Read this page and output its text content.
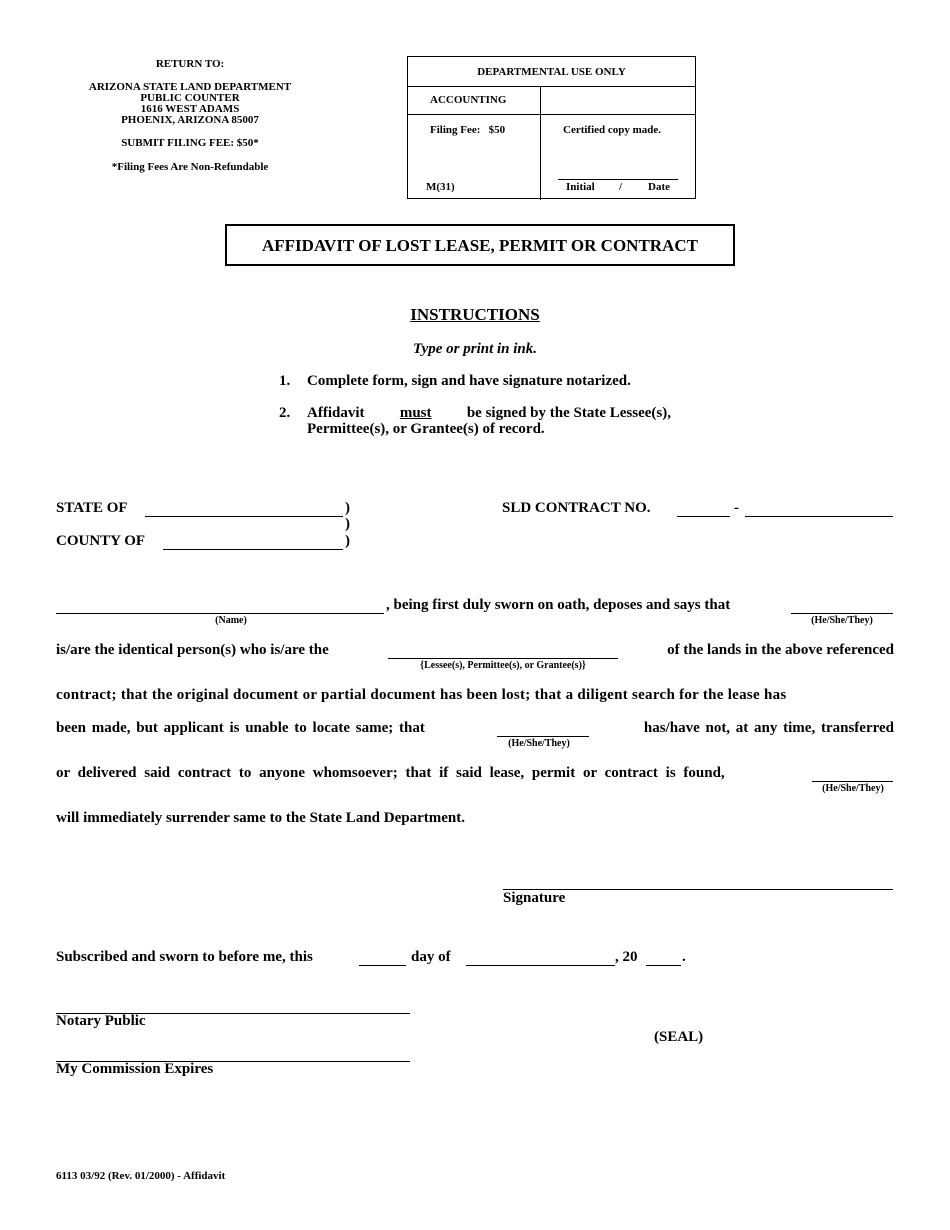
RETURN TO:
ARIZONA STATE LAND DEPARTMENT
PUBLIC COUNTER
1616 WEST ADAMS
PHOENIX, ARIZONA 85007
SUBMIT FILING FEE: $50*
*Filing Fees Are Non-Refundable
DEPARTMENTAL USE ONLY
ACCOUNTING
Filing Fee:   $50	Certified copy made.
M(31)	Initial / Date
AFFIDAVIT OF LOST LEASE, PERMIT OR CONTRACT
INSTRUCTIONS
Type or print in ink.
1. Complete form, sign and have signature notarized.
2. Affidavit must be signed by the State Lessee(s),
Permittee(s), or Grantee(s) of record.
STATE OF	)
)
)
COUNTY OF
SLD CONTRACT NO.	-
(Name)
, being first duly sworn on oath, deposes and says that
(He/She/They)
is/are the identical person(s) who is/are the
{Lessee(s), Permittee(s), or Grantee(s)}
of the lands in the above referenced
contract; that the original document or partial document has been lost; that a diligent search for the lease has
been made, but applicant is unable to locate same; that
(He/She/They)
has/have not, at any time, transferred
or delivered said contract to anyone whomsoever; that if said lease, permit or contract is found,
(He/She/They)
will immediately surrender same to the State Land Department.
Signature
Subscribed and sworn to before me, this	day of	, 20	.
Notary Public
My Commission Expires
(SEAL)
6113 03/92 (Rev. 01/2000) - Affidavit
